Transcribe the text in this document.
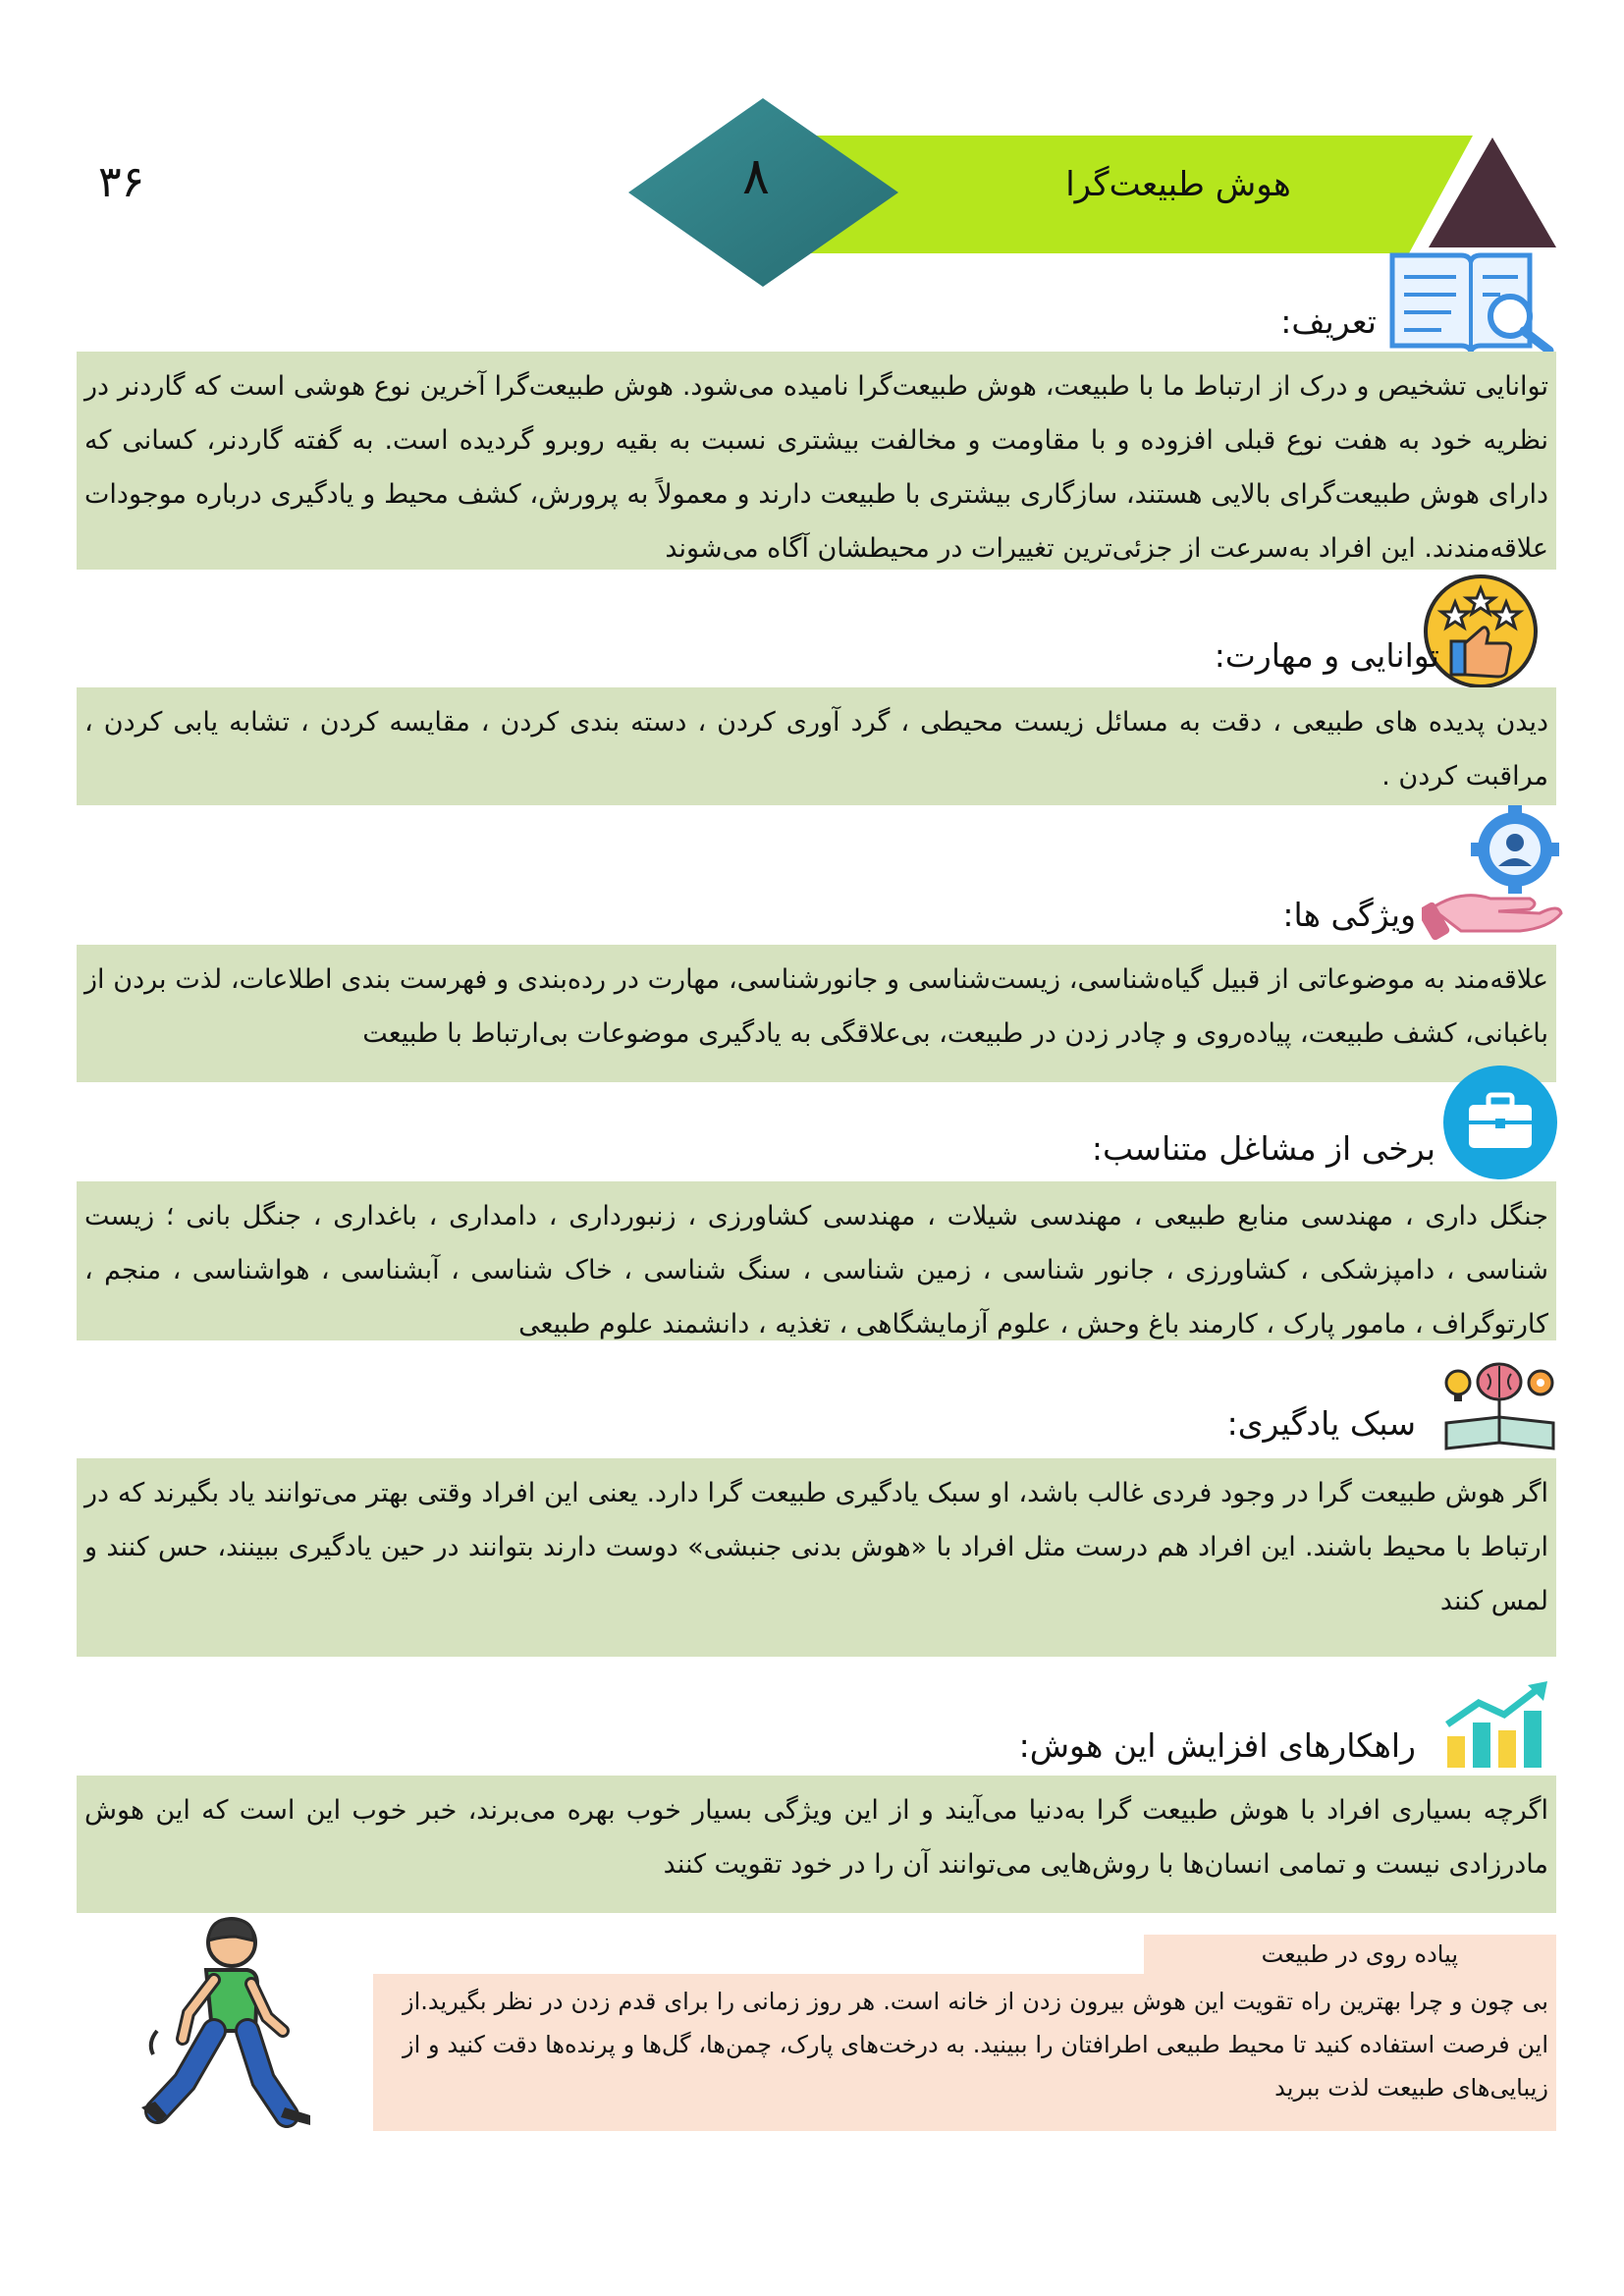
۳۶	۸	هوش طبیعت‌گرا
تعریف:
توانایی تشخیص و درک از ارتباط ما با طبیعت، هوش طبیعت‌گرا نامیده می‌شود. هوش طبیعت‌گرا آخرین نوع هوشی است که گاردنر در نظریه خود به هفت نوع قبلی افزوده و با مقاومت و مخالفت بیشتری نسبت به بقیه روبرو گردیده است. به گفته گاردنر، کسانی که دارای هوش طبیعت‌گرای بالایی هستند، سازگاری بیشتری با طبیعت دارند و معمولاً به پرورش، کشف محیط و یادگیری درباره موجودات علاقه‌مندند. این افراد به‌سرعت از جزئی‌ترین تغییرات در محیطشان آگاه می‌شوند
توانایی و مهارت:
دیدن پدیده های طبیعی ، دقت به مسائل زیست محیطی ، گرد آوری کردن ، دسته بندی کردن ، مقایسه کردن ، تشابه یابی کردن ، مراقبت کردن .
ویژگی ها:
علاقه‌مند به موضوعاتی از قبیل گیاه‌شناسی، زیست‌شناسی و جانورشناسی، مهارت در رده‌بندی و فهرست بندی اطلاعات، لذت بردن از باغبانی، کشف طبیعت، پیاده‌روی و چادر زدن در طبیعت، بی‌علاقگی به یادگیری موضوعات بی‌ارتباط با طبیعت
برخی از مشاغل متناسب:
جنگل داری ، مهندسی منابع طبیعی ، مهندسی شیلات ، مهندسی کشاورزی ، زنبورداری ، دامداری ، باغداری ، جنگل بانی ؛ زیست شناسی ، دامپزشکی ، کشاورزی ، جانور شناسی ، زمین شناسی ، سنگ شناسی ، خاک شناسی ، آبشناسی ، هواشناسی ، منجم ، کارتوگراف ، مامور پارک ، کارمند باغ وحش ، علوم آزمایشگاهی ، تغذیه ، دانشمند علوم طبیعی
سبک یادگیری:
اگر هوش طبیعت گرا در وجود فردی غالب باشد، او سبک یادگیری طبیعت گرا دارد. یعنی این افراد وقتی بهتر می‌توانند یاد بگیرند که در ارتباط با محیط باشند. این افراد هم درست مثل افراد با «هوش بدنی جنبشی» دوست دارند بتوانند در حین یادگیری ببینند، حس کنند و لمس کنند
راهکارهای افزایش این هوش:
اگرچه بسیاری افراد با هوش طبیعت گرا به‌دنیا می‌آیند و از این ویژگی بسیار خوب بهره می‌برند، خبر خوب این است که این هوش مادرزادی نیست و تمامی انسان‌ها با روش‌هایی می‌توانند آن را در خود تقویت کنند
پیاده روی در طبیعت
بی چون و چرا بهترین راه تقویت این هوش بیرون زدن از خانه است. هر روز زمانی را برای قدم زدن در نظر بگیرید.از این فرصت استفاده کنید تا محیط طبیعی اطرافتان را ببینید. به درخت‌های پارک، چمن‌ها، گل‌ها و پرنده‌ها دقت کنید و از زیبایی‌های طبیعت لذت ببرید
